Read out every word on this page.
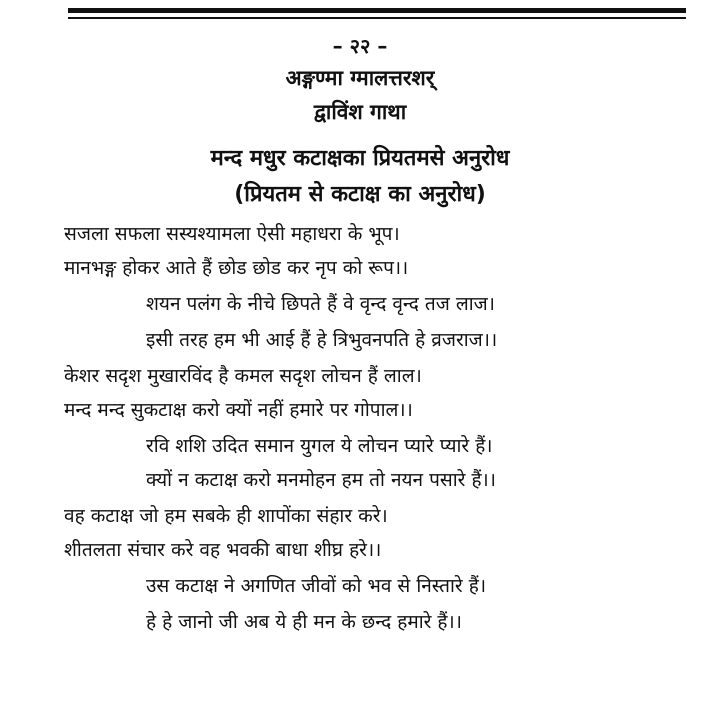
– २२ –
अङ्गण्मा ग्मालत्तरशर्
द्वाविंश गाथा
मन्द मधुर कटाक्षका प्रियतमसे अनुरोध
(प्रियतम से कटाक्ष का अनुरोध)
सजला सफला सस्यश्यामला ऐसी महाधरा के भूप।
मानभङ्ग होकर आते हैं छोड छोड कर नृप को रूप।।
शयन पलंग के नीचे छिपते हैं वे वृन्द वृन्द तज लाज।
इसी तरह हम भी आई हैं हे त्रिभुवनपति हे व्रजराज।।
केशर सदृश मुखारविंद है कमल सदृश लोचन हैं लाल।
मन्द मन्द सुकटाक्ष करो क्यों नहीं हमारे पर गोपाल।।
रवि शशि उदित समान युगल ये लोचन प्यारे प्यारे हैं।
क्यों न कटाक्ष करो मनमोहन हम तो नयन पसारे हैं।।
वह कटाक्ष जो हम सबके ही शापोंका संहार करे।
शीतलता संचार करे वह भवकी बाधा शीघ्र हरे।।
उस कटाक्ष ने अगणित जीवों को भव से निस्तारे हैं।
हे हे जानो जी अब ये ही मन के छन्द हमारे हैं।।
